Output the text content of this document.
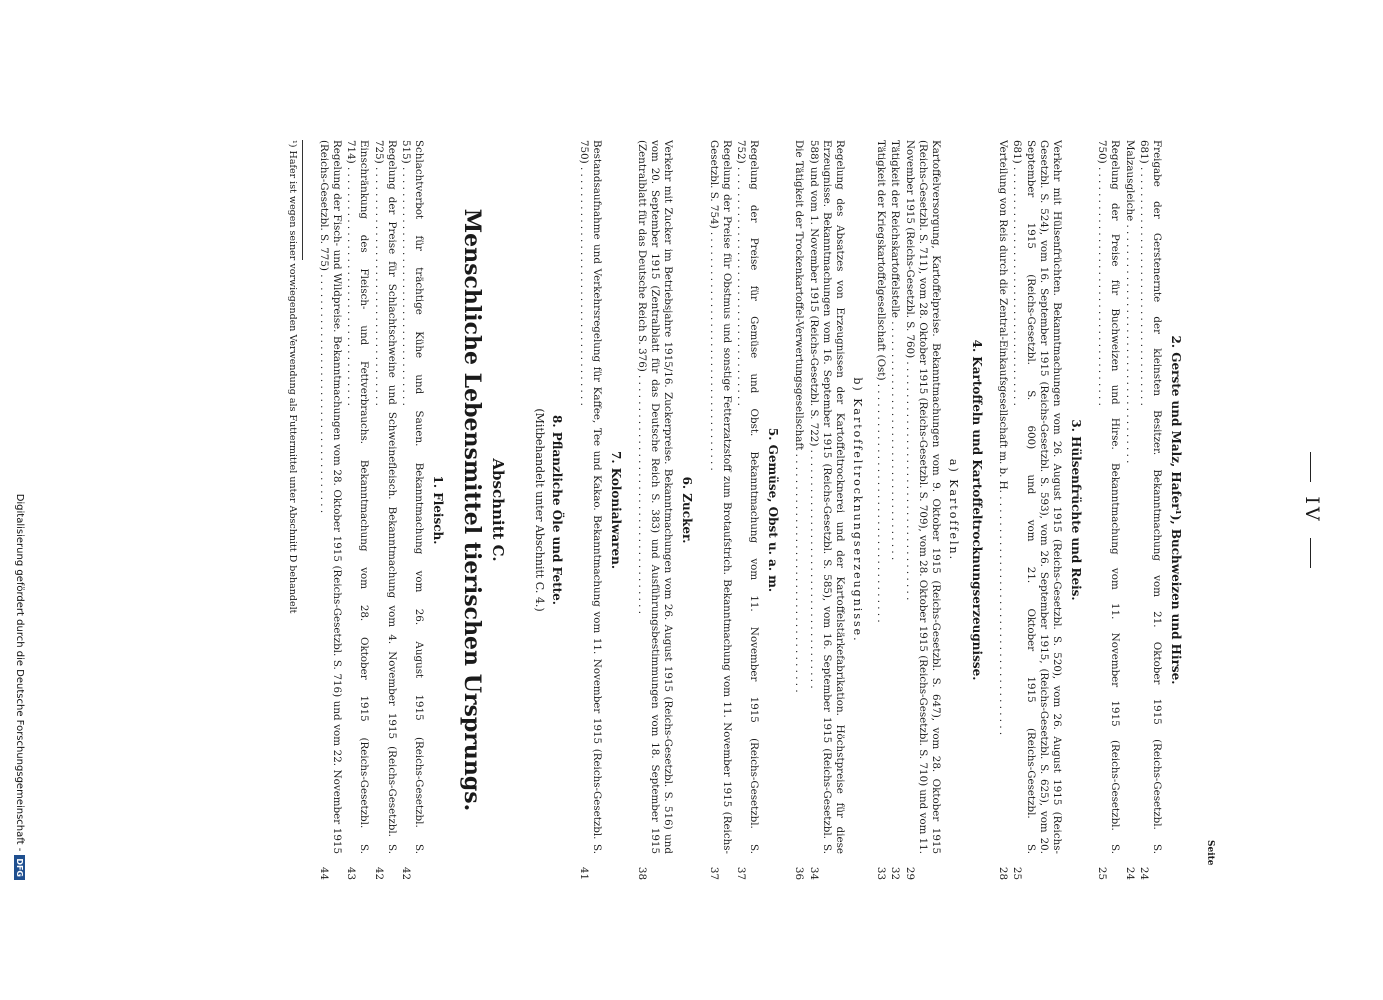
IV
Seite
2. Gerste und Malz, Hafer¹), Buchweizen und Hirse.
Freigabe der Gerstenernte der kleinsten Besitzer. Bekanntmachung vom 21. Oktober 1915 (Reichs-Gesetzbl. S. 681) . . .
24
Malzausgleiche . . .
24
Regelung der Preise für Buchweizen und Hirse. Bekanntmachung vom 11. November 1915 (Reichs-Gesetzbl. S. 750) . . .
25
3. Hülsenfrüchte und Reis.
Verkehr mit Hülsenfrüchten. Bekanntmachungen vom 26. August 1915 (Reichs-Gesetzbl. S. 520), vom 26. August 1915 (Reichs-Gesetzbl. S. 524), vom 16. September 1915 (Reichs-Gesetzbl. S. 593), vom 26. September 1915, (Reichs-Gesetzbl. S. 625), vom 20. September 1915 (Reichs-Gesetzbl. S. 600) und vom 21. Oktober 1915 (Reichs-Gesetzbl. S. 681) . . .
25
Verteilung von Reis durch die Zentral-Einkaufsgesellschaft m. b. H. . . .
28
4. Kartoffeln und Kartoffeltrocknungserzeugnisse.
a) Kartoffeln.
Kartoffelversorgung, Kartoffelpreise. Bekanntmachungen vom 9. Oktober 1915 (Reichs-Gesetzbl. S. 647), vom 28. Oktober 1915 (Reichs-Gesetzbl. S. 711), vom 28. Oktober 1915 (Reichs-Gesetzbl. S. 709), vom 28. Oktober 1915 (Reichs-Gesetzbl. S. 710) und vom 11. November 1915 (Reichs-Gesetzbl. S. 760) . . .
29
Tätigkeit der Reichskartoffelstelle . . .
32
Tätigkeit der Kriegskartoffelgesellschaft (Ost) . . .
33
b) Kartoffeltrocknungserzeugnisse.
Regelung des Absatzes von Erzeugnissen der Kartoffeltrocknerei und der Kartoffelstärkefabrikation. Höchstpreise für diese Erzeugnisse. Bekanntmachungen vom 16. September 1915 (Reichs-Gesetzbl. S. 585), vom 16. September 1915 (Reichs-Gesetzbl. S. 588) und vom 1. November 1915 (Reichs-Gesetzbl. S. 722) . . .
34
Die Tätigkeit der Trockenkartoffel-Verwertungsgesellschaft . . .
36
5. Gemüse, Obst u. a. m.
Regelung der Preise für Gemüse und Obst. Bekanntmachung vom 11. November 1915 (Reichs-Gesetzbl. S. 752) . . .
37
Regelung der Preise für Obstmus und sonstige Fetterzatzstoff zum Brotaufstrich. Bekanntmachung vom 11. November 1915 (Reichs-Gesetzbl. S. 754) . . .
37
6. Zucker.
Verkehr mit Zucker im Betriebsjahre 1915/16. Zuckerpreise. Bekanntmachungen vom 26. August 1915 (Reichs-Gesetzbl. S. 516) und vom 20. September 1915 (Zentralblatt für das Deutsche Reich S. 383) und Ausführungsbestimmungen vom 18. September 1915 (Zentralblatt für das Deutsche Reich S. 376) . . .
38
7. Kolonialwaren.
Bestandsaufnahme und Verkehrsregelung für Kaffee, Tee und Kakao. Bekanntmachung vom 11. November 1915 (Reichs-Gesetzbl. S. 750) . . .
41
8. Pflanzliche Öle und Fette.
(Mitbehandelt unter Abschnitt C. 4.)
Abschnitt C.
Menschliche Lebensmittel tierischen Ursprungs.
1. Fleisch.
Schlachtverbot für trächtige Kühe und Sauen. Bekanntmachung vom 26. August 1915 (Reichs-Gesetzbl. S. 515) . . .
42
Regelung der Preise für Schlachtschweine und Schweinefleisch. Bekanntmachung vom 4. November 1915 (Reichs-Gesetzbl. S. 725) . . .
42
Einschränkung des Fleisch- und Fettverbrauchs. Bekanntmachung vom 28. Oktober 1915 (Reichs-Gesetzbl. S. 714) . . .
43
Regelung der Fisch- und Wildpreise. Bekanntmachungen vom 28. Oktober 1915 (Reichs-Gesetzbl. S. 716) und vom 22. November 1915 (Reichs-Gesetzbl. S. 775) . . .
44
¹) Hafer ist wegen seiner vorwiegenden Verwendung als Futtermittel unter Abschnitt D behandelt
Digitalisierung gefördert durch die Deutsche Forschungsgemeinschaft -DFG
